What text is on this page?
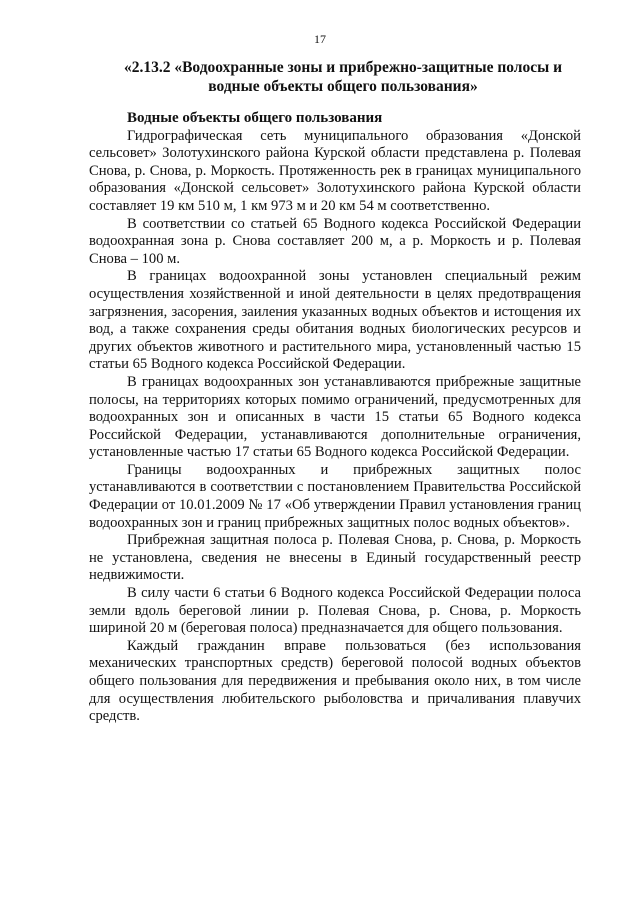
17
«2.13.2 «Водоохранные зоны и прибрежно-защитные полосы и водные объекты общего пользования»
Водные объекты общего пользования

Гидрографическая сеть муниципального образования «Донской сельсовет» Золотухинского района Курской области представлена р. Полевая Снова, р. Снова, р. Моркость. Протяженность рек в границах муниципального образования «Донской сельсовет» Золотухинского района Курской области составляет 19 км 510 м, 1 км 973 м и 20 км 54 м соответственно.

В соответствии со статьей 65 Водного кодекса Российской Федерации водоохранная зона р. Снова составляет 200 м, а р. Моркость и р. Полевая Снова – 100 м.

В границах водоохранной зоны установлен специальный режим осуществления хозяйственной и иной деятельности в целях предотвращения загрязнения, засорения, заиления указанных водных объектов и истощения их вод, а также сохранения среды обитания водных биологических ресурсов и других объектов животного и растительного мира, установленный частью 15 статьи 65 Водного кодекса Российской Федерации.

В границах водоохранных зон устанавливаются прибрежные защитные полосы, на территориях которых помимо ограничений, предусмотренных для водоохранных зон и описанных в части 15 статьи 65 Водного кодекса Российской Федерации, устанавливаются дополнительные ограничения, установленные частью 17 статьи 65 Водного кодекса Российской Федерации.

Границы водоохранных и прибрежных защитных полос устанавливаются в соответствии с постановлением Правительства Российской Федерации от 10.01.2009 № 17 «Об утверждении Правил установления границ водоохранных зон и границ прибрежных защитных полос водных объектов».

Прибрежная защитная полоса р. Полевая Снова, р. Снова, р. Моркость не установлена, сведения не внесены в Единый государственный реестр недвижимости.

В силу части 6 статьи 6 Водного кодекса Российской Федерации полоса земли вдоль береговой линии р. Полевая Снова, р. Снова, р. Моркость шириной 20 м (береговая полоса) предназначается для общего пользования.

Каждый гражданин вправе пользоваться (без использования механических транспортных средств) береговой полосой водных объектов общего пользования для передвижения и пребывания около них, в том числе для осуществления любительского рыболовства и причаливания плавучих средств.
